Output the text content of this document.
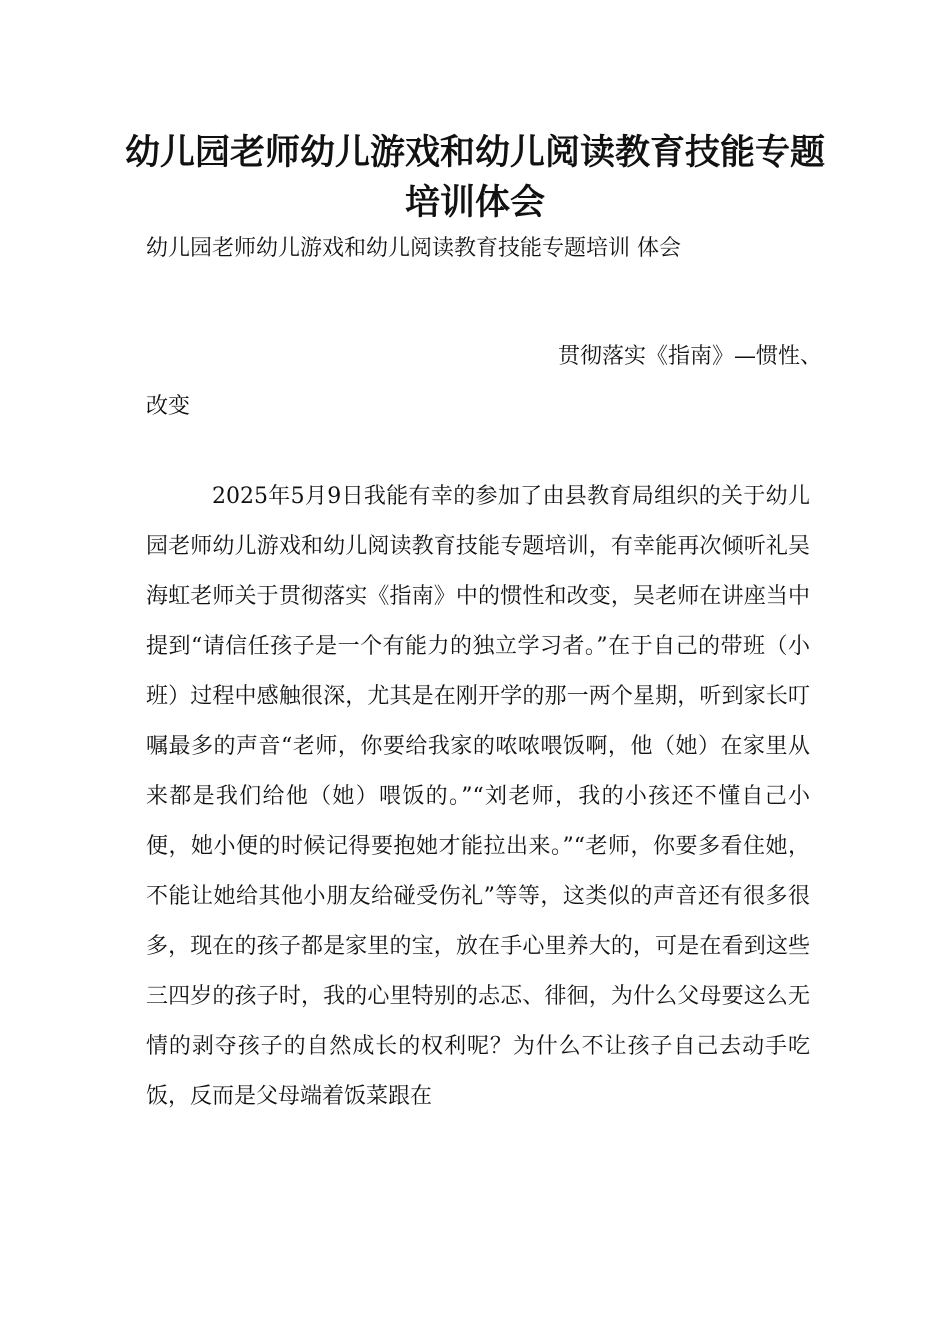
幼儿园老师幼儿游戏和幼儿阅读教育技能专题培训体会

幼儿园老师幼儿游戏和幼儿阅读教育技能专题培训 体会

贯彻落实《指南》—惯性、
改变

2025年5月9日我能有幸的参加了由县教育局组织的关于幼儿园老师幼儿游戏和幼儿阅读教育技能专题培训，有幸能再次倾听礼吴海虹老师关于贯彻落实《指南》中的惯性和改变，吴老师在讲座当中提到“请信任孩子是一个有能力的独立学习者。”在于自己的带班（小班）过程中感触很深，尤其是在刚开学的那一两个星期，听到家长叮嘱最多的声音“老师，你要给我家的哝哝喂饭啊，他（她）在家里从来都是我们给他（她）喂饭的。”“刘老师，我的小孩还不懂自己小便，她小便的时候记得要抱她才能拉出来。”“老师，你要多看住她，不能让她给其他小朋友给碰受伤礼”等等，这类似的声音还有很多很多，现在的孩子都是家里的宝，放在手心里养大的，可是在看到这些三四岁的孩子时，我的心里特别的忐忑、徘徊，为什么父母要这么无情的剥夺孩子的自然成长的权利呢？为什么不让孩子自己去动手吃饭，反而是父母端着饭菜跟在
